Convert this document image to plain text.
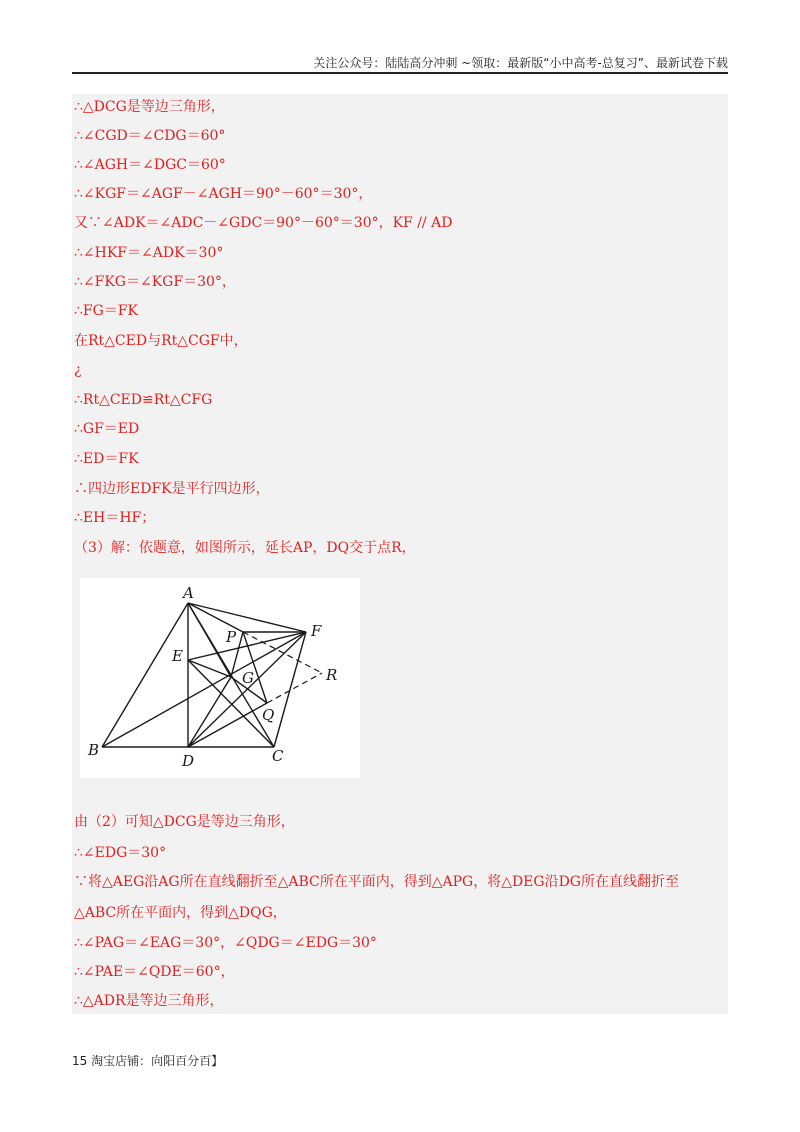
关注公众号：陆陆高分冲刺 ~领取：最新版“小中高考-总复习”、最新试卷下载
∴△DCG是等边三角形，
∴∠CGD＝∠CDG＝60°
∴∠AGH＝∠DGC＝60°
∴∠KGF＝∠AGF－∠AGH＝90°－60°＝30°，
又∵∠ADK＝∠ADC－∠GDC＝90°－60°＝30°，KF // AD
∴∠HKF＝∠ADK＝30°
∴∠FKG＝∠KGF＝30°，
∴FG＝FK
在Rt△CED与Rt△CGF中，
¿
∴Rt△CED≌Rt△CFG
∴GF＝ED
∴ED＝FK
∴四边形EDFK是平行四边形，
∴EH＝HF；
（3）解：依题意，如图所示，延长AP，DQ交于点R，
由（2）可知△DCG是等边三角形，
∴∠EDG＝30°
∵将△AEG沿AG所在直线翻折至△ABC所在平面内，得到△APG，将△DEG沿DG所在直线翻折至
△ABC所在平面内，得到△DQG，
∴∠PAG＝∠EAG＝30°，∠QDG＝∠EDG＝30°
∴∠PAE＝∠QDE＝60°，
∴△ADR是等边三角形，
A
B	C
D
E
F
G
P
Q
R
15 淘宝店铺：向阳百分百】
